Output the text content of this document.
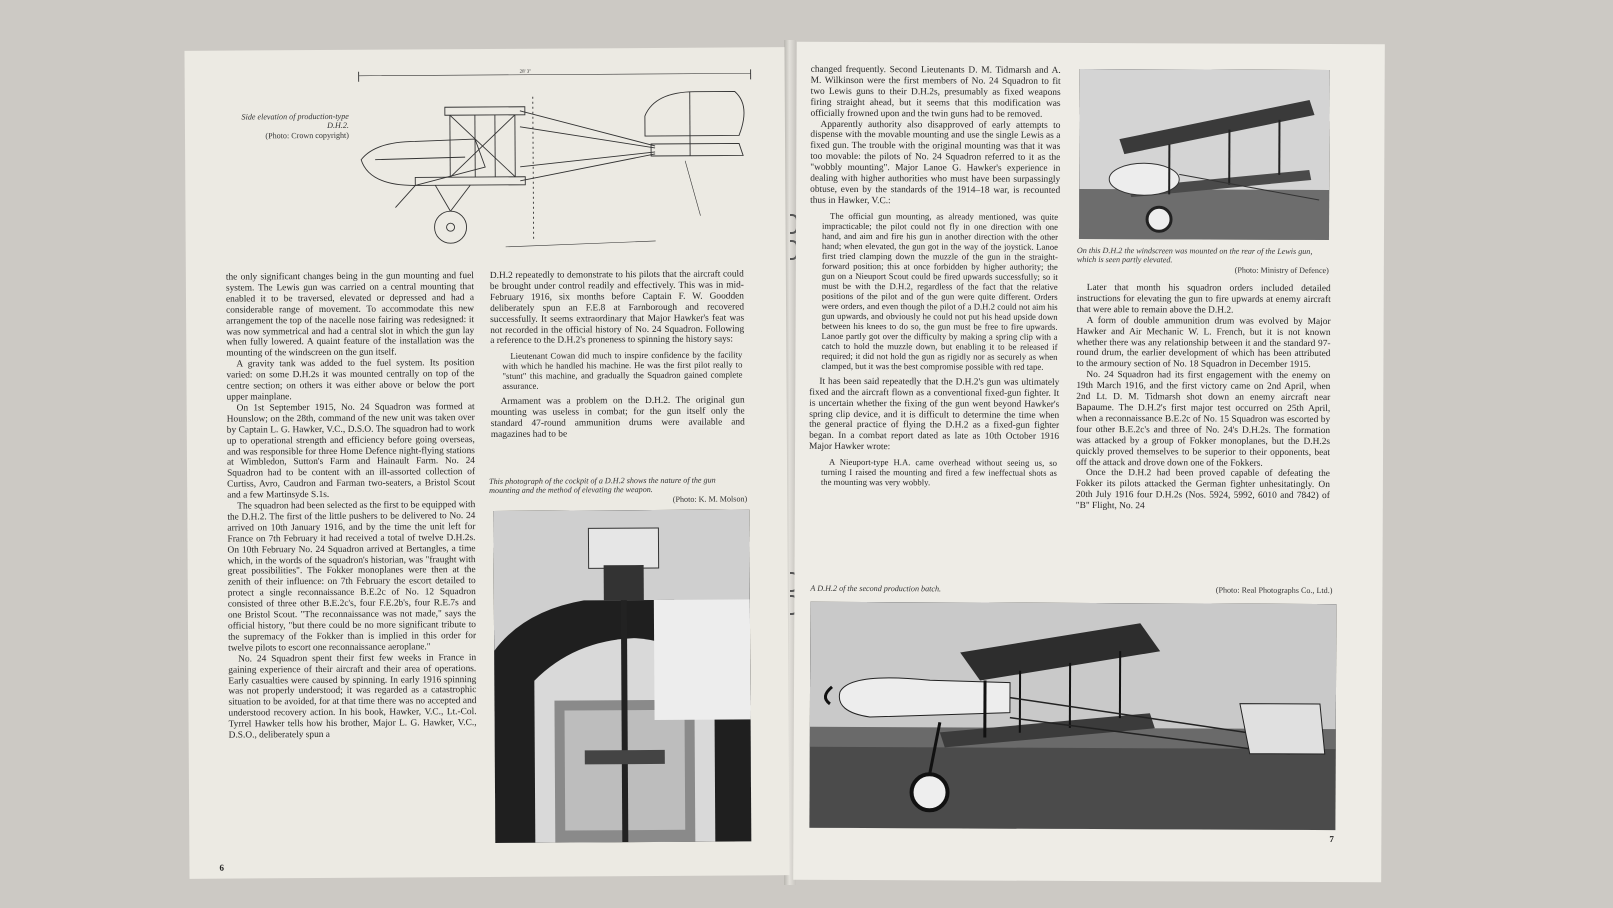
Side elevation of production-type D.H.2.
(Photo: Crown copyright)
28' 3"

the only significant changes being in the gun mounting and fuel system. The Lewis gun was carried on a central mounting that enabled it to be traversed, elevated or depressed and had a considerable range of movement. To accommodate this new arrangement the top of the nacelle nose fairing was redesigned: it was now symmetrical and had a central slot in which the gun lay when fully lowered. A quaint feature of the installation was the mounting of the windscreen on the gun itself.

A gravity tank was added to the fuel system. Its position varied: on some D.H.2s it was mounted centrally on top of the centre section; on others it was either above or below the port upper mainplane.

On 1st September 1915, No. 24 Squadron was formed at Hounslow; on the 28th, command of the new unit was taken over by Captain L. G. Hawker, V.C., D.S.O. The squadron had to work up to operational strength and efficiency before going overseas, and was responsible for three Home Defence night-flying stations at Wimbledon, Sutton's Farm and Hainault Farm. No. 24 Squadron had to be content with an ill-assorted collection of Curtiss, Avro, Caudron and Farman two-seaters, a Bristol Scout and a few Martinsyde S.1s.

The squadron had been selected as the first to be equipped with the D.H.2. The first of the little pushers to be delivered to No. 24 arrived on 10th January 1916, and by the time the unit left for France on 7th February it had received a total of twelve D.H.2s. On 10th February No. 24 Squadron arrived at Bertangles, a time which, in the words of the squadron's historian, was "fraught with great possibilities". The Fokker monoplanes were then at the zenith of their influence: on 7th February the escort detailed to protect a single reconnaissance B.E.2c of No. 12 Squadron consisted of three other B.E.2c's, four F.E.2b's, four R.E.7s and one Bristol Scout. "The reconnaissance was not made," says the official history, "but there could be no more significant tribute to the supremacy of the Fokker than is implied in this order for twelve pilots to escort one reconnaissance aeroplane."

No. 24 Squadron spent their first few weeks in France in gaining experience of their aircraft and their area of operations. Early casualties were caused by spinning. In early 1916 spinning was not properly understood; it was regarded as a catastrophic situation to be avoided, for at that time there was no accepted and understood recovery action. In his book, Hawker, V.C., Lt.-Col. Tyrrel Hawker tells how his brother, Major L. G. Hawker, V.C., D.S.O., deliberately spun a

D.H.2 repeatedly to demonstrate to his pilots that the aircraft could be brought under control readily and effectively. This was in mid-February 1916, six months before Captain F. W. Goodden deliberately spun an F.E.8 at Farnborough and recovered successfully. It seems extraordinary that Major Hawker's feat was not recorded in the official history of No. 24 Squadron. Following a reference to the D.H.2's proneness to spinning the history says:

Lieutenant Cowan did much to inspire confidence by the facility with which he handled his machine. He was the first pilot really to "stunt" this machine, and gradually the Squadron gained complete assurance.

Armament was a problem on the D.H.2. The original gun mounting was useless in combat; for the gun itself only the standard 47-round ammunition drums were available and magazines had to be

This photograph of the cockpit of a D.H.2 shows the nature of the gun mounting and the method of elevating the weapon.
(Photo: K. M. Molson)
6

changed frequently. Second Lieutenants D. M. Tidmarsh and A. M. Wilkinson were the first members of No. 24 Squadron to fit two Lewis guns to their D.H.2s, presumably as fixed weapons firing straight ahead, but it seems that this modification was officially frowned upon and the twin guns had to be removed.

Apparently authority also disapproved of early attempts to dispense with the movable mounting and use the single Lewis as a fixed gun. The trouble with the original mounting was that it was too movable: the pilots of No. 24 Squadron referred to it as the "wobbly mounting". Major Lanoe G. Hawker's experience in dealing with higher authorities who must have been surpassingly obtuse, even by the standards of the 1914–18 war, is recounted thus in Hawker, V.C.:

The official gun mounting, as already mentioned, was quite impracticable; the pilot could not fly in one direction with one hand, and aim and fire his gun in another direction with the other hand; when elevated, the gun got in the way of the joystick. Lanoe first tried clamping down the muzzle of the gun in the straight-forward position; this at once forbidden by higher authority; the gun on a Nieuport Scout could be fired upwards successfully; so it must be with the D.H.2, regardless of the fact that the relative positions of the pilot and of the gun were quite different. Orders were orders, and even though the pilot of a D.H.2 could not aim his gun upwards, and obviously he could not put his head upside down between his knees to do so, the gun must be free to fire upwards. Lanoe partly got over the difficulty by making a spring clip with a catch to hold the muzzle down, but enabling it to be released if required; it did not hold the gun as rigidly nor as securely as when clamped, but it was the best compromise possible with red tape.

It has been said repeatedly that the D.H.2's gun was ultimately fixed and the aircraft flown as a conventional fixed-gun fighter. It is uncertain whether the fixing of the gun went beyond Hawker's spring clip device, and it is difficult to determine the time when the general practice of flying the D.H.2 as a fixed-gun fighter began. In a combat report dated as late as 10th October 1916 Major Hawker wrote:

A Nieuport-type H.A. came overhead without seeing us, so turning I raised the mounting and fired a few ineffectual shots as the mounting was very wobbly.

On this D.H.2 the windscreen was mounted on the rear of the Lewis gun, which is seen partly elevated.
(Photo: Ministry of Defence)

Later that month his squadron orders included detailed instructions for elevating the gun to fire upwards at enemy aircraft that were able to remain above the D.H.2.

A form of double ammunition drum was evolved by Major Hawker and Air Mechanic W. L. French, but it is not known whether there was any relationship between it and the standard 97-round drum, the earlier development of which has been attributed to the armoury section of No. 18 Squadron in December 1915.

No. 24 Squadron had its first engagement with the enemy on 19th March 1916, and the first victory came on 2nd April, when 2nd Lt. D. M. Tidmarsh shot down an enemy aircraft near Bapaume. The D.H.2's first major test occurred on 25th April, when a reconnaissance B.E.2c of No. 15 Squadron was escorted by four other B.E.2c's and three of No. 24's D.H.2s. The formation was attacked by a group of Fokker monoplanes, but the D.H.2s quickly proved themselves to be superior to their opponents, beat off the attack and drove down one of the Fokkers.

Once the D.H.2 had been proved capable of defeating the Fokker its pilots attacked the German fighter unhesitatingly. On 20th July 1916 four D.H.2s (Nos. 5924, 5992, 6010 and 7842) of "B" Flight, No. 24

A D.H.2 of the second production batch.	(Photo: Real Photographs Co., Ltd.)
7
